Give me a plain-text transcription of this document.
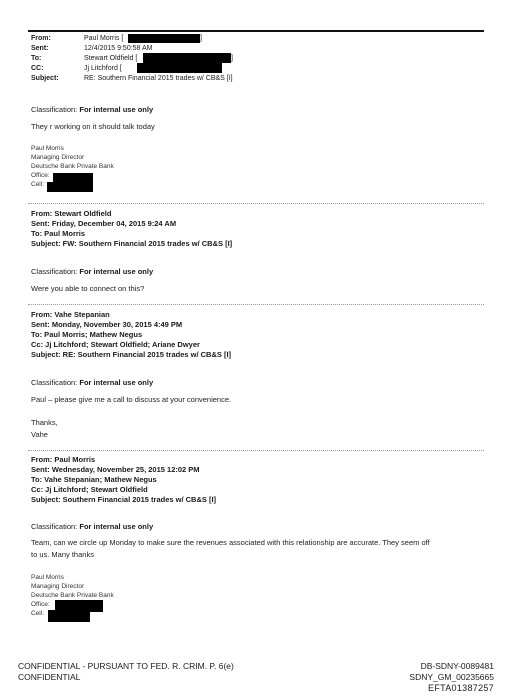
From:	Paul Morris [	]
Sent:	12/4/2015 9:50:58 AM
To:	Stewart Oldfield [	]
CC:	Jj Litchford [
Subject:	RE: Southern Financial 2015 trades w/ CB&S [I]
Classification: For internal use only
They r working on it should talk today
Paul Morris
Managing Director
Deutsche Bank Private Bank
Office:
Cell:
From: Stewart Oldfield
Sent: Friday, December 04, 2015 9:24 AM
To: Paul Morris
Subject: FW: Southern Financial 2015 trades w/ CB&S [I]
Classification: For internal use only
Were you able to connect on this?
From: Vahe Stepanian
Sent: Monday, November 30, 2015 4:49 PM
To: Paul Morris; Mathew Negus
Cc: Jj Litchford; Stewart Oldfield; Ariane Dwyer
Subject: RE: Southern Financial 2015 trades w/ CB&S [I]
Classification: For internal use only
Paul – please give me a call to discuss at your convenience.
Thanks,
Vahe
From: Paul Morris
Sent: Wednesday, November 25, 2015 12:02 PM
To: Vahe Stepanian; Mathew Negus
Cc: Jj Litchford; Stewart Oldfield
Subject: Southern Financial 2015 trades w/ CB&S [I]
Classification: For internal use only
Team, can we circle up Monday to make sure the revenues associated with this relationship are accurate. They seem off
to us. Many thanks
Paul Morris
Managing Director
Deutsche Bank Private Bank
Office:
Cell:
CONFIDENTIAL - PURSUANT TO FED. R. CRIM. P. 6(e)
CONFIDENTIAL
DB-SDNY-0089481
SDNY_GM_00235665
EFTA01387257
